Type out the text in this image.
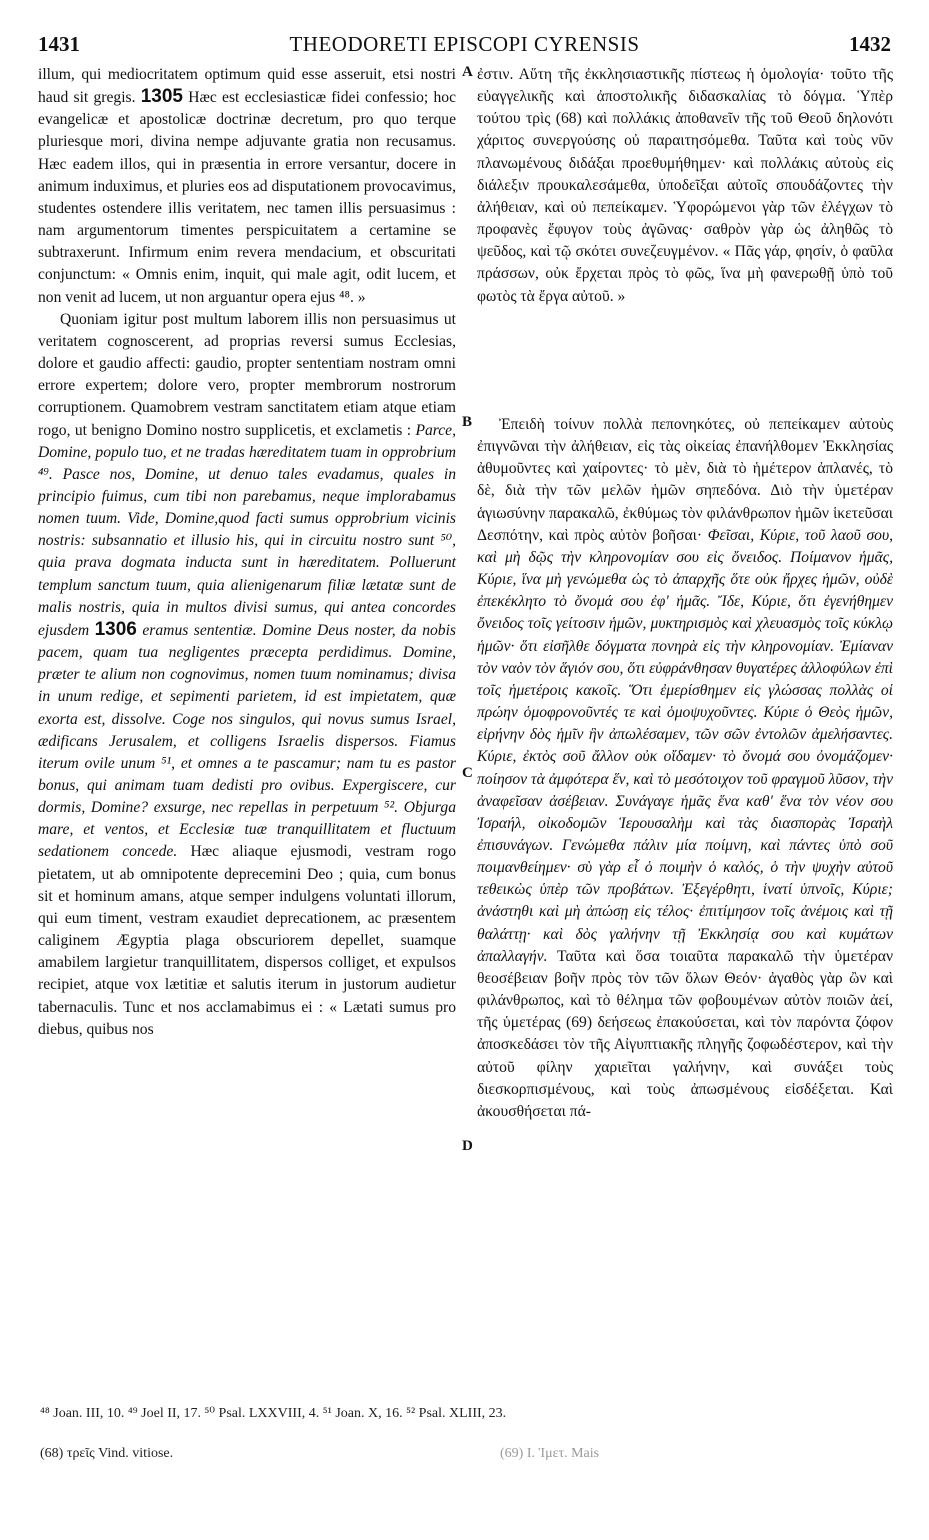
1431	THEODORETI EPISCOPI CYRENSIS	1432

illum, qui mediocritatem optimum quid esse asseruit, etsi nostri haud sit gregis. 1305 Hæc est ecclesiasticæ fidei confessio; hoc evangelicæ et apostolicæ doctrinæ decretum, pro quo terque pluriesque mori, divina nempe adjuvante gratia non recusamus. Hæc eadem illos, qui in præsentia in errore versantur, docere in animum induximus, et pluries eos ad disputationem provocavimus, studentes ostendere illis veritatem, nec tamen illis persuasimus : nam argumentorum timentes perspicuitatem a certamine se subtraxerunt. Infirmum enim revera mendacium, et obscuritati conjunctum: « Omnis enim, inquit, qui male agit, odit lucem, et non venit ad lucem, ut non arguantur opera ejus ⁴⁸. »

Quoniam igitur post multum laborem illis non persuasimus ut veritatem cognoscerent, ad proprias reversi sumus Ecclesias, dolore et gaudio affecti: gaudio, propter sententiam nostram omni errore expertem; dolore vero, propter membrorum nostrorum corruptionem. Quamobrem vestram sanctitatem etiam atque etiam rogo, ut benigno Domino nostro supplicetis, et exclametis : Parce, Domine, populo tuo, et ne tradas hæreditatem tuam in opprobrium ⁴⁹. Pasce nos, Domine, ut denuo tales evadamus, quales in principio fuimus, cum tibi non parebamus, neque implorabamus nomen tuum. Vide, Domine,quod facti sumus opprobrium vicinis nostris: subsannatio et illusio his, qui in circuitu nostro sunt ⁵⁰, quia prava dogmata inducta sunt in hæreditatem. Polluerunt templum sanctum tuum, quia alienigenarum filiæ lætatæ sunt de malis nostris, quia in multos divisi sumus, qui antea concordes ejusdem 1306 eramus sententiæ. Domine Deus noster, da nobis pacem, quam tua negligentes præcepta perdidimus. Domine, præter te alium non cognovimus, nomen tuum nominamus; divisa in unum redige, et sepimenti parietem, id est impietatem, quæ exorta est, dissolve. Coge nos singulos, qui novus sumus Israel, ædificans Jerusalem, et colligens Israelis dispersos. Fiamus iterum ovile unum ⁵¹, et omnes a te pascamur; nam tu es pastor bonus, qui animam tuam dedisti pro ovibus. Expergiscere, cur dormis, Domine? exsurge, nec repellas in perpetuum ⁵². Objurga mare, et ventos, et Ecclesiæ tuæ tranquillitatem et fluctuum sedationem concede. Hæc aliaque ejusmodi, vestram rogo pietatem, ut ab omnipotente deprecemini Deo ; quia, cum bonus sit et hominum amans, atque semper indulgens voluntati illorum, qui eum timent, vestram exaudiet deprecationem, ac præsentem caliginem Ægyptia plaga obscuriorem depellet, suamque amabilem largietur tranquillitatem, dispersos colliget, et expulsos recipiet, atque vox lætitiæ et salutis iterum in justorum audietur tabernaculis. Tunc et nos acclamabimus ei : « Lætati sumus pro diebus, quibus nos

A
B
C
D

ἐστιν. Αὕτη τῆς ἐκκλησιαστικῆς πίστεως ἡ ὁμολογία· τοῦτο τῆς εὐαγγελικῆς καὶ ἀποστολικῆς διδασκαλίας τὸ δόγμα. Ὑπὲρ τούτου τρὶς (68) καὶ πολλάκις ἀποθανεῖν τῆς τοῦ Θεοῦ δηλονότι χάριτος συνεργούσης οὐ παραιτησόμεθα. Ταῦτα καὶ τοὺς νῦν πλανωμένους διδάξαι προεθυμήθημεν· καὶ πολλάκις αὐτοὺς εἰς διάλεξιν προυκαλεσάμεθα, ὑποδεῖξαι αὐτοῖς σπουδάζοντες τὴν ἀλήθειαν, καὶ οὐ πεπείκαμεν. Ὑφορώμενοι γὰρ τῶν ἐλέγχων τὸ προφανὲς ἔφυγον τοὺς ἀγῶνας· σαθρὸν γὰρ ὡς ἀληθῶς τὸ ψεῦδος, καὶ τῷ σκότει συνεζευγμένον. « Πᾶς γάρ, φησίν, ὁ φαῦλα πράσσων, οὐκ ἔρχεται πρὸς τὸ φῶς, ἵνα μὴ φανερωθῇ ὑπὸ τοῦ φωτὸς τὰ ἔργα αὐτοῦ. »

Ἐπειδὴ τοίνυν πολλὰ πεπονηκότες, οὐ πεπείκαμεν αὐτοὺς ἐπιγνῶναι τὴν ἀλήθειαν, εἰς τὰς οἰκείας ἐπανήλθομεν Ἐκκλησίας ἀθυμοῦντες καὶ χαίροντες· τὸ μὲν, διὰ τὸ ἡμέτερον ἀπλανές, τὸ δὲ, διὰ τὴν τῶν μελῶν ἡμῶν σηπεδόνα. Διὸ τὴν ὑμετέραν ἁγιωσύνην παρακαλῶ, ἐκθύμως τὸν φιλάνθρωπον ἡμῶν ἱκετεῦσαι Δεσπότην, καὶ πρὸς αὐτὸν βοῆσαι· Φεῖσαι, Κύριε, τοῦ λαοῦ σου, καὶ μὴ δῷς τὴν κληρονομίαν σου εἰς ὄνειδος. Ποίμανον ἡμᾶς, Κύριε, ἵνα μὴ γενώμεθα ὡς τὸ ἀπαρχῆς ὅτε οὐκ ἤρχες ἡμῶν, οὐδὲ ἐπεκέκλητο τὸ ὄνομά σου ἐφ' ἡμᾶς. Ἴδε, Κύριε, ὅτι ἐγενήθημεν ὄνειδος τοῖς γείτοσιν ἡμῶν, μυκτηρισμὸς καὶ χλευασμὸς τοῖς κύκλῳ ἡμῶν· ὅτι εἰσῆλθε δόγματα πονηρὰ εἰς τὴν κληρονομίαν. Ἐμίαναν τὸν ναὸν τὸν ἅγιόν σου, ὅτι εὐφράνθησαν θυγατέρες ἀλλοφύλων ἐπὶ τοῖς ἡμετέροις κακοῖς. Ὅτι ἐμερίσθημεν εἰς γλώσσας πολλὰς οἱ πρώην ὁμοφρονοῦντές τε καὶ ὁμοψυχοῦντες. Κύριε ὁ Θεὸς ἡμῶν, εἰρήνην δὸς ἡμῖν ἣν ἀπωλέσαμεν, τῶν σῶν ἐντολῶν ἀμελήσαντες. Κύριε, ἐκτὸς σοῦ ἄλλον οὐκ οἴδαμεν· τὸ ὄνομά σου ὀνομάζομεν· ποίησον τὰ ἀμφότερα ἕν, καὶ τὸ μεσότοιχον τοῦ φραγμοῦ λῦσον, τὴν ἀναφεῖσαν ἀσέβειαν. Συνάγαγε ἡμᾶς ἕνα καθ' ἕνα τὸν νέον σου Ἰσραήλ, οἰκοδομῶν Ἱερουσαλὴμ καὶ τὰς διασπορὰς Ἰσραὴλ ἐπισυνάγων. Γενώμεθα πάλιν μία ποίμνη, καὶ πάντες ὑπὸ σοῦ ποιμανθείημεν· σὺ γὰρ εἶ ὁ ποιμὴν ὁ καλός, ὁ τὴν ψυχὴν αὐτοῦ τεθεικὼς ὑπὲρ τῶν προβάτων. Ἐξεγέρθητι, ἱνατί ὑπνοῖς, Κύριε; ἀνάστηθι καὶ μὴ ἀπώσῃ εἰς τέλος· ἐπιτίμησον τοῖς ἀνέμοις καὶ τῇ θαλάττῃ· καὶ δὸς γαλήνην τῇ Ἐκκλησίᾳ σου καὶ κυμάτων ἀπαλλαγήν. Ταῦτα καὶ ὅσα τοιαῦτα παρακαλῶ τὴν ὑμετέραν θεοσέβειαν βοῆν πρὸς τὸν τῶν ὅλων Θεόν· ἀγαθὸς γὰρ ὢν καὶ φιλάνθρωπος, καὶ τὸ θέλημα τῶν φοβουμένων αὐτὸν ποιῶν ἀεί, τῆς ὑμετέρας (69) δεήσεως ἐπακούσεται, καὶ τὸν παρόντα ζόφον ἀποσκεδάσει τὸν τῆς Αἰγυπτιακῆς πληγῆς ζοφωδέστερον, καὶ τὴν αὐτοῦ φίλην χαριεῖται γαλήνην, καὶ συνάξει τοὺς διεσκορπισμένους, καὶ τοὺς ἀπωσμένους εἰσδέξεται. Καὶ ἀκουσθήσεται πά-

⁴⁸ Joan. III, 10. ⁴⁹ Joel II, 17. ⁵⁰ Psal. LXXVIII, 4. ⁵¹ Joan. X, 16. ⁵² Psal. XLIII, 23.
(68) τρεῖς Vind. vitiose.	(69) Ι. Ἱμετ. Mais
